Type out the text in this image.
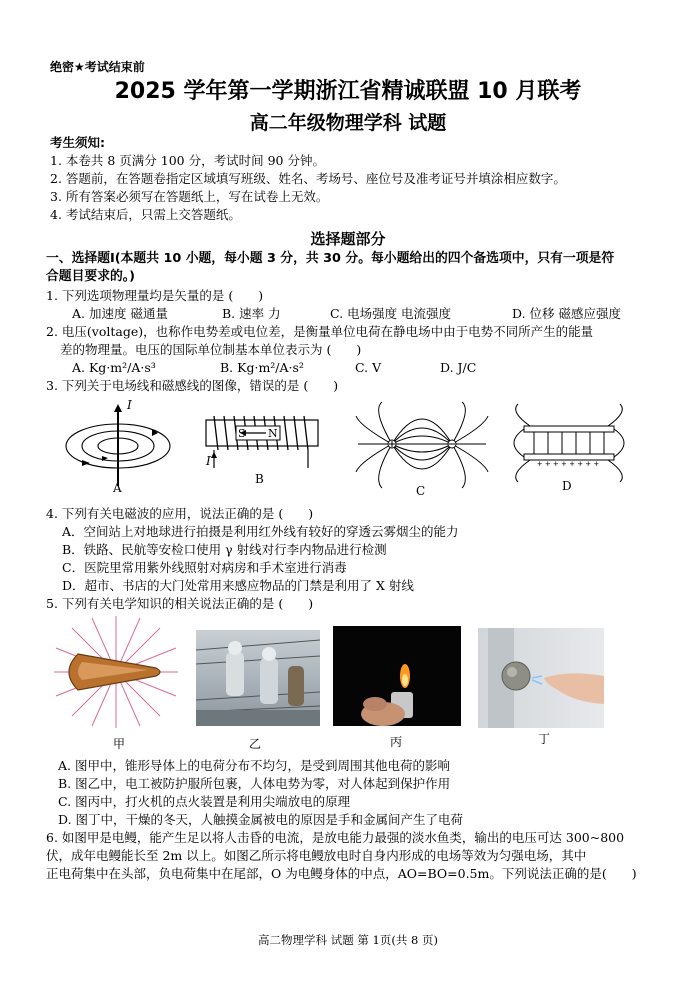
绝密★考试结束前
2025 学年第一学期浙江省精诚联盟 10 月联考
高二年级物理学科 试题
考生须知:
1. 本卷共 8 页满分 100 分，考试时间 90 分钟。
2. 答题前，在答题卷指定区域填写班级、姓名、考场号、座位号及准考证号并填涂相应数字。
3. 所有答案必须写在答题纸上，写在试卷上无效。
4. 考试结束后，只需上交答题纸。
选择题部分
一、选择题Ⅰ(本题共 10 小题，每小题 3 分，共 30 分。每小题给出的四个备选项中，只有一项是符
合题目要求的。)
1. 下列选项物理量均是矢量的是 (　　)
A. 加速度 磁通量	B. 速率 力	C. 电场强度 电流强度	D. 位移 磁感应强度
2. 电压(voltage)，也称作电势差或电位差，是衡量单位电荷在静电场中由于电势不同所产生的能量
差的物理量。电压的国际单位制基本单位表示为 (　　)
A. Kg·m²/A·s³	B. Kg·m²/A·s²	C. V	D. J/C
3. 下列关于电场线和磁感线的图像，错误的是 (　　)
I
A
S N
I
B
C
+ + + + + + + +
D
4. 下列有关电磁波的应用，说法正确的是 (　　)
A．空间站上对地球进行拍摄是利用红外线有较好的穿透云雾烟尘的能力
B．铁路、民航等安检口使用 γ 射线对行李内物品进行检测
C．医院里常用紫外线照射对病房和手术室进行消毒
D．超市、书店的大门处常用来感应物品的门禁是利用了 X 射线
5. 下列有关电学知识的相关说法正确的是 (　　)
甲	乙	丙	丁
A. 图甲中，锥形导体上的电荷分布不均匀，是受到周围其他电荷的影响
B. 图乙中，电工被防护服所包裹，人体电势为零，对人体起到保护作用
C. 图丙中，打火机的点火装置是利用尖端放电的原理
D. 图丁中，干燥的冬天，人触摸金属被电的原因是手和金属间产生了电荷
6. 如图甲是电鳗，能产生足以将人击昏的电流，是放电能力最强的淡水鱼类，输出的电压可达 300~800
伏，成年电鳗能长至 2m 以上。如图乙所示将电鳗放电时自身内形成的电场等效为匀强电场，其中
正电荷集中在头部，负电荷集中在尾部，O 为电鳗身体的中点，AO=BO=0.5m。下列说法正确的是(　　)
高二物理学科 试题 第 1页(共 8 页)
